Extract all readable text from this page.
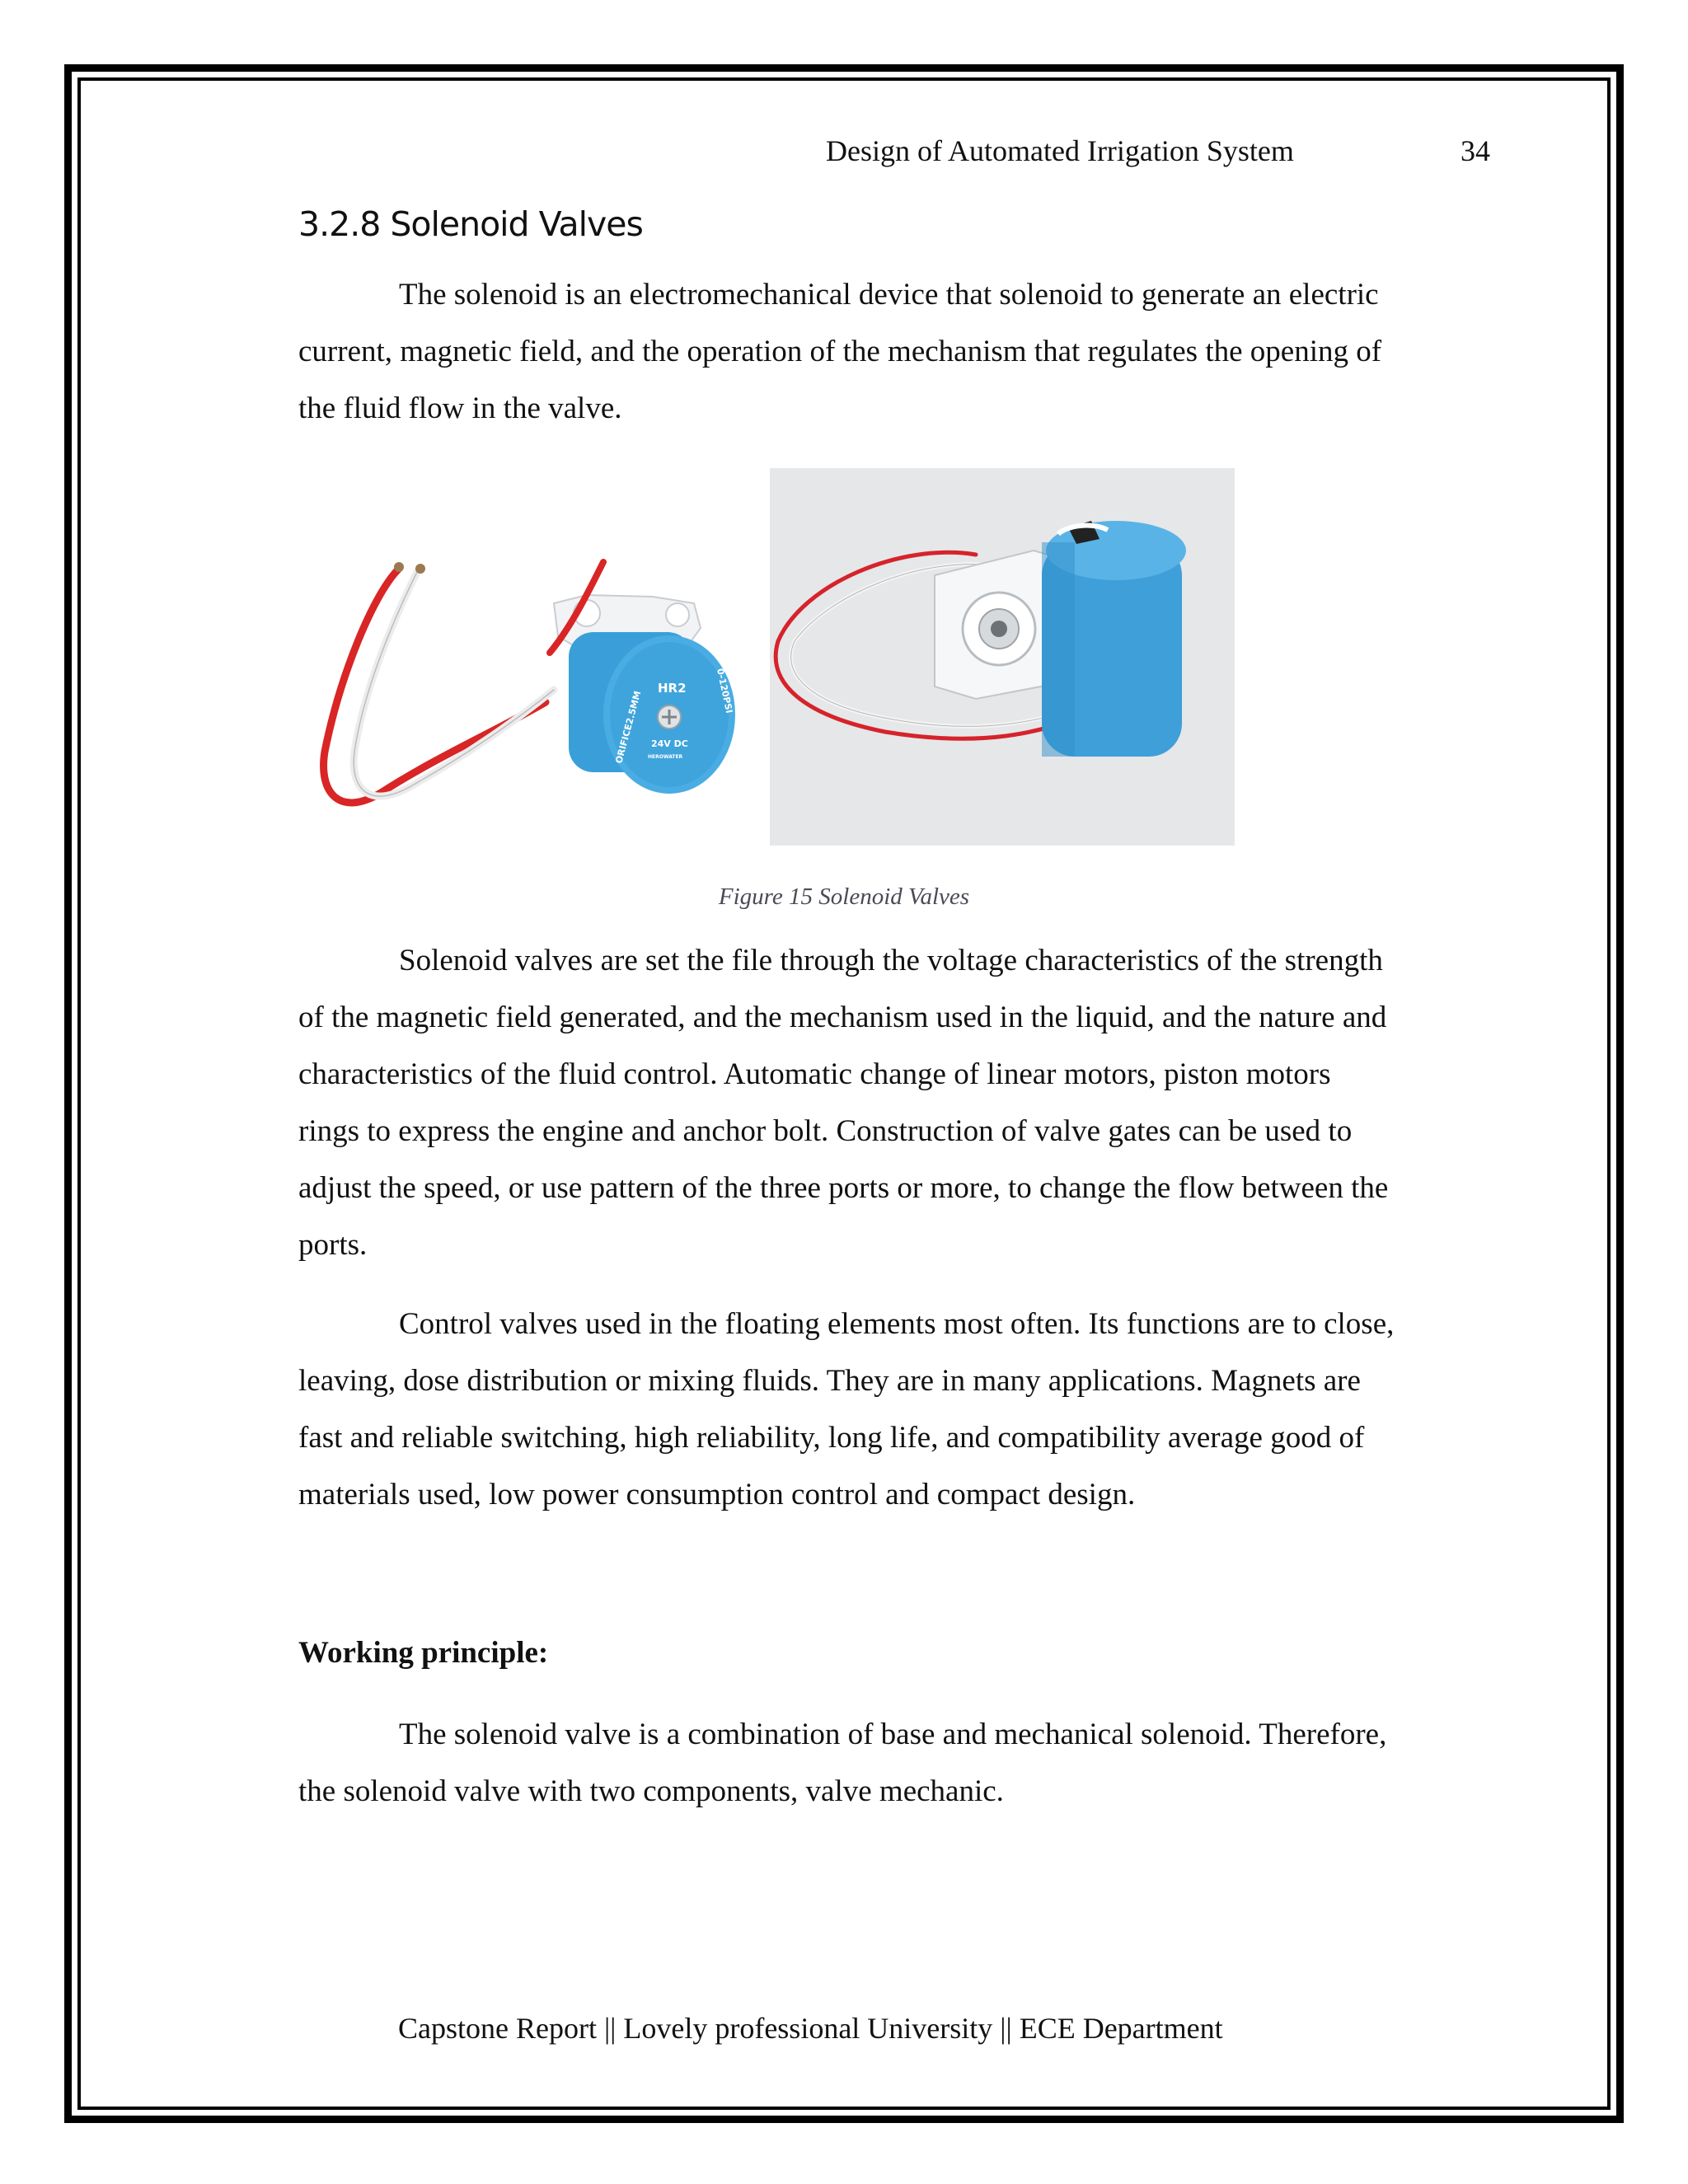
Design of Automated Irrigation System	34
3.2.8 Solenoid Valves

The solenoid is an electromechanical device that solenoid to generate an electric
current, magnetic field, and the operation of the mechanism that regulates the opening of
the fluid flow in the valve.

HR2
24V DC
HEROWATER
ORIFICE2.5MM	0-120PSI
Figure 15 Solenoid Valves

Solenoid valves are set the file through the voltage characteristics of the strength
of the magnetic field generated, and the mechanism used in the liquid, and the nature and
characteristics of the fluid control. Automatic change of linear motors, piston motors
rings to express the engine and anchor bolt. Construction of valve gates can be used to
adjust the speed, or use pattern of the three ports or more, to change the flow between the
ports.

Control valves used in the floating elements most often. Its functions are to close,
leaving, dose distribution or mixing fluids. They are in many applications. Magnets are
fast and reliable switching, high reliability, long life, and compatibility average good of
materials used, low power consumption control and compact design.

Working principle:

The solenoid valve is a combination of base and mechanical solenoid. Therefore,
the solenoid valve with two components, valve mechanic.

Capstone Report || Lovely professional University || ECE Department
